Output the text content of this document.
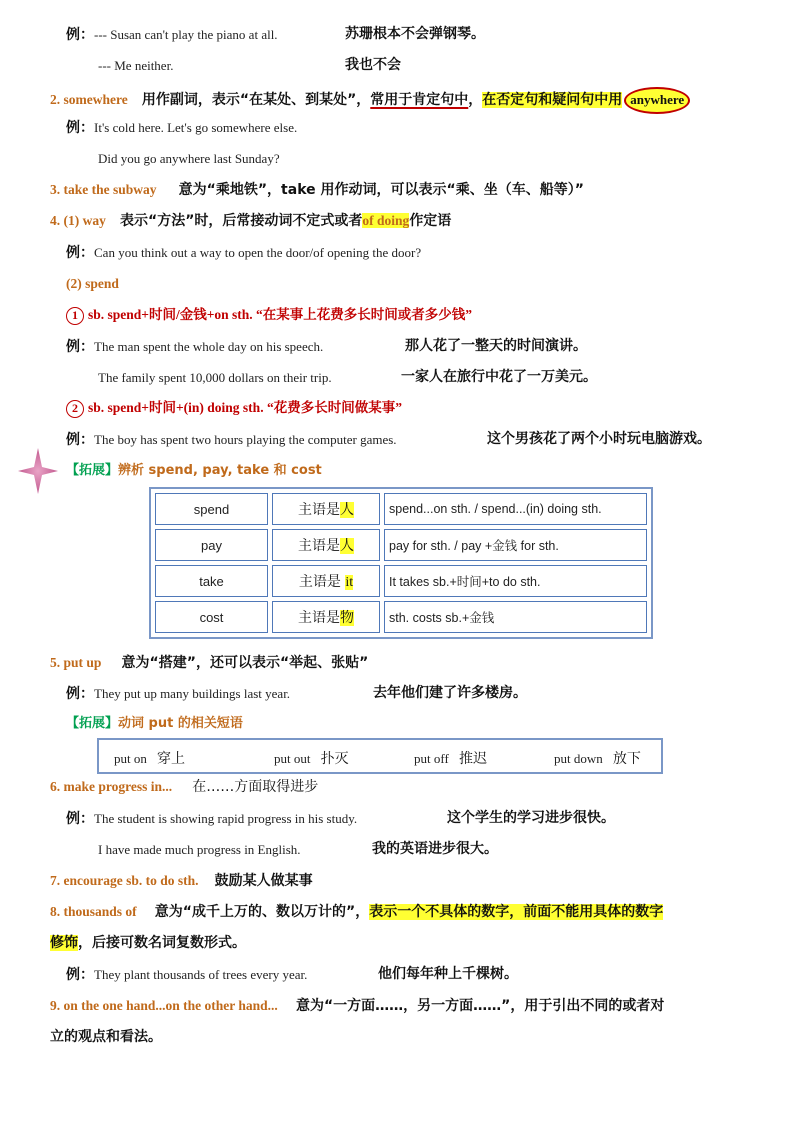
例：--- Susan can't play the piano at all.	苏珊根本不会弹钢琴。
--- Me neither.	我也不会
2. somewhere 用作副词，表示“在某处、到某处”，常用于肯定句中，在否定句和疑问句中用 anywhere
例：It's cold here. Let's go somewhere else.
Did you go anywhere last Sunday?
3. take the subway 意为“乘地铁”，take 用作动词，可以表示“乘、坐（车、船等）”
4. (1) way 表示“方法”时，后常接动词不定式或者of doing作定语
例：Can you think out a way to open the door/of opening the door?
(2) spend
1 sb. spend+时间/金钱+on sth. “在某事上花费多长时间或者多少钱”
例：The man spent the whole day on his speech.	那人花了一整天的时间演讲。
The family spent 10,000 dollars on their trip.	一家人在旅行中花了一万美元。
2 sb. spend+时间+(in) doing sth. “花费多长时间做某事”
例：The boy has spent two hours playing the computer games.	这个男孩花了两个小时玩电脑游戏。
【拓展】辨析 spend, pay, take 和 cost
spend	主语是人	spend...on sth. / spend...(in) doing sth.
pay	主语是人	pay for sth. / pay +金钱 for sth.
take	主语是 it	It takes sb.+时间+to do sth.
cost	主语是物	sth. costs sb.+金钱
5. put up 意为“搭建”，还可以表示“举起、张贴”
例：They put up many buildings last year.	去年他们建了许多楼房。
【拓展】动词 put 的相关短语
put on 穿上	put out 扑灭	put off 推迟	put down 放下
6. make progress in... 在……方面取得进步
例：The student is showing rapid progress in his study.	这个学生的学习进步很快。
I have made much progress in English.	我的英语进步很大。
7. encourage sb. to do sth. 鼓励某人做某事
8. thousands of 意为“成千上万的、数以万计的”，表示一个不具体的数字，前面不能用具体的数字
修饰，后接可数名词复数形式。
例：They plant thousands of trees every year.	他们每年种上千棵树。
9. on the one hand...on the other hand... 意为“一方面……，另一方面……”，用于引出不同的或者对
立的观点和看法。
